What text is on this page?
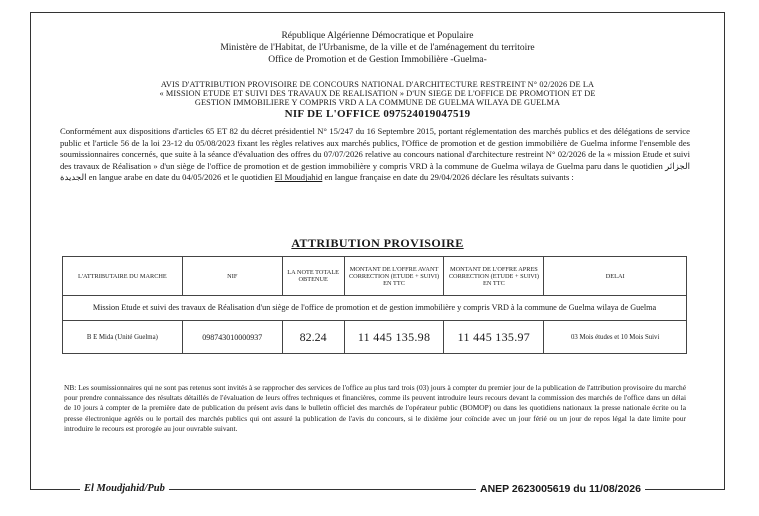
République Algérienne Démocratique et Populaire
Ministère de l'Habitat, de l'Urbanisme, de la ville et de l'aménagement du territoire
Office de Promotion et de Gestion Immobilière -Guelma-
AVIS D'ATTRIBUTION PROVISOIRE DE CONCOURS NATIONAL D'ARCHITECTURE RESTREINT N° 02/2026 DE LA
« MISSION ETUDE ET SUIVI DES TRAVAUX DE REALISATION » D'UN SIEGE DE L'OFFICE DE PROMOTION ET DE
GESTION IMMOBILIERE Y COMPRIS VRD A LA COMMUNE DE GUELMA WILAYA DE GUELMA
NIF DE L'OFFICE 097524019047519
Conformément aux dispositions d'articles 65 ET 82 du décret présidentiel N° 15/247 du 16 Septembre 2015, portant réglementation des marchés publics et des délégations de service public et l'article 56 de la loi 23-12 du 05/08/2023 fixant les règles relatives aux marchés publics, l'Office de promotion et de gestion immobilière de Guelma informe l'ensemble des soumissionnaires concernés, que suite à la séance d'évaluation des offres du 07/07/2026 relative au concours national d'architecture restreint N° 02/2026 de la « mission Etude et suivi des travaux de Réalisation » d'un siège de l'office de promotion et de gestion immobilière y compris VRD à la commune de Guelma wilaya de Guelma paru dans le quotidien الجزائر الجديدة en langue arabe en date du 04/05/2026 et le quotidien El Moudjahid en langue française en date du 29/04/2026 déclare les résultats suivants :
ATTRIBUTION PROVISOIRE
L'ATTRIBUTAIRE DU MARCHE	NIF	LA NOTE TOTALE OBTENUE	MONTANT DE L'OFFRE AVANT CORRECTION (ETUDE + SUIVI) EN TTC	MONTANT DE L'OFFRE APRES CORRECTION (ETUDE + SUIVI) EN TTC	DELAI
Mission Etude et suivi des travaux de Réalisation d'un siège de l'office de promotion et de gestion immobilière y compris VRD à la commune de Guelma wilaya de Guelma					
B E Mida (Unité Guelma)	098743010000937	82.24	11 445 135.98	11 445 135.97	03 Mois études et 10 Mois Suivi
NB: Les soumissionnaires qui ne sont pas retenus sont invités à se rapprocher des services de l'office au plus tard trois (03) jours à compter du premier jour de la publication de l'attribution provisoire du marché pour prendre connaissance des résultats détaillés de l'évaluation de leurs offres techniques et financières, comme ils peuvent introduire leurs recours devant la commission des marchés de l'office dans un délai de 10 jours à compter de la première date de publication du présent avis dans le bulletin officiel des marchés de l'opérateur public (BOMOP) ou dans les quotidiens nationaux la presse nationale écrite ou la presse électronique agréés ou le portail des marchés publics qui ont assuré la publication de l'avis du concours, si le dixième jour coïncide avec un jour férié ou un jour de repos légal la date limite pour introduire le recours est prorogée au jour ouvrable suivant.
El Moudjahid/Pub	ANEP 2623005619 du 11/08/2026
